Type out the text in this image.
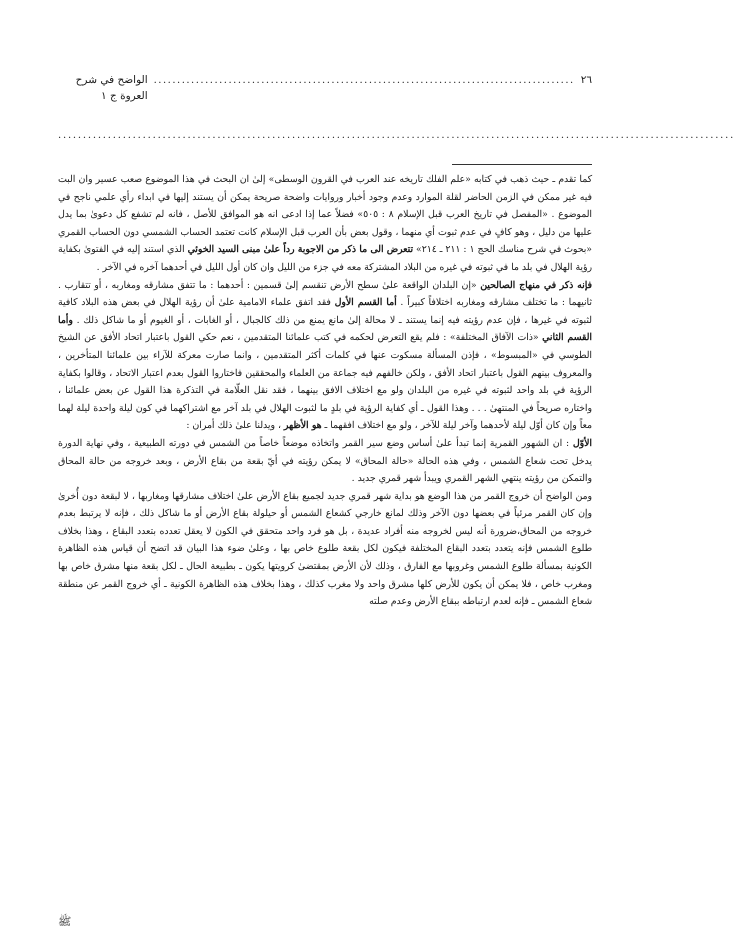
٢٦
..........................................................................................
الواضح في شرح العروة ج ١
........................................................................................................................................
كما تقدم ـ حيث ذهب في كتابه «علم الفلك تاريخه عند العرب في القرون الوسطى» إلىٰ ان البحث في هذا الموضوع صعب عسير وان البت فيه غير ممكن في الزمن الحاضر لقلة الموارد وعدم وجود أخبار وروايات واضحة صريحة يمكن أن يستند إليها في ابداء رأي علمي ناجح في الموضوع . «المفصل في تاريخ العرب قبل الإسلام ٨ : ٥٠٥» فضلاً عما إذا ادعى انه هو الموافق للأصل ، فانه لم تشفع كل دعوىٰ بما يدل عليها من دليل ، وهو كافٍ في عدم ثبوت أي منهما ، وقول بعض بأن العرب قبل الإسلام كانت تعتمد الحساب الشمسي دون الحساب القمري «بحوث في شرح مناسك الحج ١ : ٢١١ ـ ٢١٤» تتعرض الى ما ذكر من الاجوبة رداً علىٰ مبنى السيد الخوئي الذي استند إليه في الفتوىٰ بكفاية رؤية الهلال في بلد ما في ثبوته في غيره من البلاد المشتركة معه في جزء من الليل وان كان أول الليل في أحدهما آخره في الآخر .

فإنه ذكر في منهاج الصالحين «إن البلدان الواقعة علىٰ سطح الأرض تنقسم إلىٰ قسمين : أحدهما : ما تتفق مشارقه ومغاربه ، أو تتقارب . ثانيهما : ما تختلف مشارقه ومغاربه اختلافاً كبيراً . أما القسم الأول فقد اتفق علماء الامامية علىٰ أن رؤية الهلال في بعض هذه البلاد كافية لثبوته في غيرها ، فإن عدم رؤيته فيه إنما يستند ـ لا محالة إلىٰ مانع يمنع من ذلك كالجبال ، أو الغابات ، أو الغيوم أو ما شاكل ذلك . وأما القسم الثاني «ذات الآفاق المختلفة» : فلم يقع التعرض لحكمه في كتب علمائنا المتقدمين ، نعم حكي القول باعتبار اتحاد الأفق عن الشيخ الطوسي في «المبسوط» ، فإذن المسألة مسكوت عنها في كلمات أكثر المتقدمين ، وانما صارت معركة للآراء بين علمائنا المتأخرين ، والمعروف بينهم القول باعتبار اتحاد الأفق ، ولكن خالفهم فيه جماعة من العلماء والمحققين فاختاروا القول بعدم اعتبار الاتحاد ، وقالوا بكفاية الرؤية في بلد واحد لثبوته في غيره من البلدان ولو مع اختلاف الافق بينهما ، فقد نقل العلّامة في التذكرة هذا القول عن بعض علمائنا ، واختاره صريحاً في المنتهىٰ . . . وهذا القول ـ أي كفاية الرؤية في بلدٍ ما لثبوت الهلال في بلد آخر مع اشتراكهما في كون ليلة واحدة ليلة لهما معاً وإن كان أوّل ليلة لأحدهما وآخر ليلة للآخر ، ولو مع اختلاف افقهما ـ هو الأظهر ، ويدلنا علىٰ ذلك أمران :

الأوّل : ان الشهور القمرية إنما تبدأ علىٰ أساس وضع سير القمر واتخاذه موضعاً خاصاً من الشمس في دورته الطبيعية ، وفي نهاية الدورة يدخل تحت شعاع الشمس ، وفي هذه الحالة «حالة المحاق» لا يمكن رؤيته في أيّ بقعة من بقاع الأرض ، وبعد خروجه من حالة المحاق والتمكن من رؤيته ينتهي الشهر القمري ويبدأ شهر قمري جديد .

ومن الواضح أن خروج القمر من هذا الوضع هو بداية شهر قمري جديد لجميع بقاع الأرض علىٰ اختلاف مشارقها ومغاربها ، لا لبقعة دون أُخرىٰ وإن كان القمر مرئياً في بعضها دون الآخر وذلك لمانع خارجي كشعاع الشمس أو حيلولة بقاع الأرض أو ما شاكل ذلك ، فإنه لا يرتبط بعدم خروجه من المحاق،ضرورة أنه ليس لخروجه منه أفراد عديدة ، بل هو فرد واحد متحقق في الكون لا يعقل تعدده بتعدد البقاع ، وهذا بخلاف طلوع الشمس فإنه يتعدد بتعدد البقاع المختلفة فيكون لكل بقعة طلوع خاص بها ، وعلىٰ ضوء هذا البيان قد اتضح أن قياس هذه الظاهرة الكونية بمسألة طلوع الشمس وغروبها مع الفارق ، وذلك لأن الأرض بمقتضىٰ كرويتها يكون ـ بطبيعة الحال ـ لكل بقعة منها مشرق خاص بها ومغرب خاص ، فلا يمكن أن يكون للأرض كلها مشرق واحد ولا مغرب كذلك ، وهذا بخلاف هذه الظاهرة الكونية ـ أي خروج القمر عن منطقة شعاع الشمس ـ فإنه لعدم ارتباطه ببقاع الأرض وعدم صلته

ﷺ
